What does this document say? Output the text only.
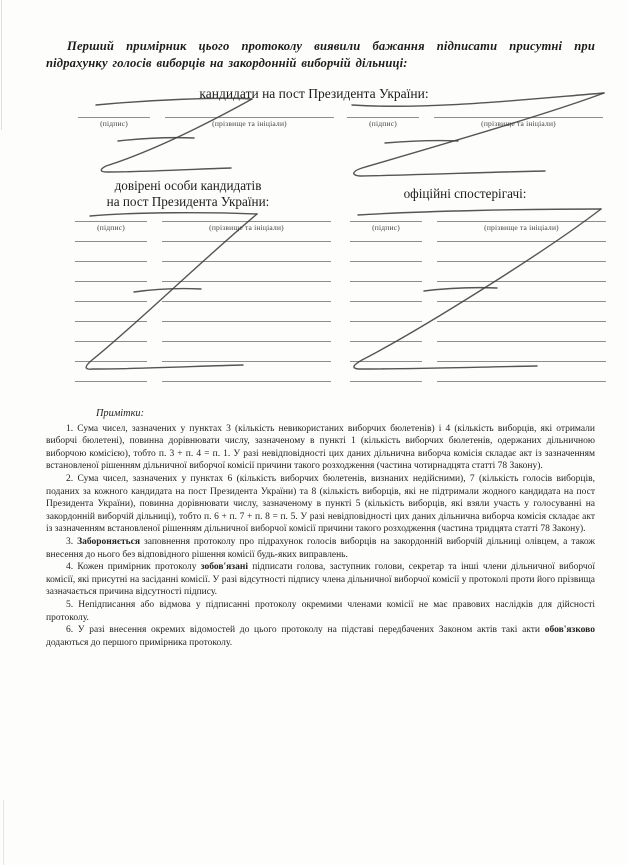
Перший примірник цього протоколу виявили бажання підписати присутні при підрахунку голосів виборців на закордонній виборчій дільниці:

кандидати на пост Президента України:
(підпис)	(прізвище та ініціали)	(підпис)	(прізвище та ініціали)
довірені особи кандидатів
на пост Президента України:	офіційні спостерігачі:
(підпис)	(прізвище та ініціали)	(підпис)	(прізвище та ініціали)

Примітки:

1. Сума чисел, зазначених у пунктах 3 (кількість невикористаних виборчих бюлетенів) і 4 (кількість виборців, які отримали виборчі бюлетені), повинна дорівнювати числу, зазначеному в пункті 1 (кількість виборчих бюлетенів, одержаних дільничною виборчою комісією), тобто п. 3 + п. 4 = п. 1. У разі невідповідності цих даних дільнична виборча комісія складає акт із зазначенням встановленої рішенням дільничної виборчої комісії причини такого розходження (частина чотирнадцята статті 78 Закону).

2. Сума чисел, зазначених у пунктах 6 (кількість виборчих бюлетенів, визнаних недійсними), 7 (кількість голосів виборців, поданих за кожного кандидата на пост Президента України) та 8 (кількість виборців, які не підтримали жодного кандидата на пост Президента України), повинна дорівнювати числу, зазначеному в пункті 5 (кількість виборців, які взяли участь у голосуванні на закордонній виборчій дільниці), тобто п. 6 + п. 7 + п. 8 = п. 5. У разі невідповідності цих даних дільнична виборча комісія складає акт із зазначенням встановленої рішенням дільничної виборчої комісії причини такого розходження (частина тридцята статті 78 Закону).

3. Забороняється заповнення протоколу про підрахунок голосів виборців на закордонній виборчій дільниці олівцем, а також внесення до нього без відповідного рішення комісії будь-яких виправлень.

4. Кожен примірник протоколу зобов'язані підписати голова, заступник голови, секретар та інші члени дільничної виборчої комісії, які присутні на засіданні комісії. У разі відсутності підпису члена дільничної виборчої комісії у протоколі проти його прізвища зазначається причина відсутності підпису.

5. Непідписання або відмова у підписанні протоколу окремими членами комісії не має правових наслідків для дійсності протоколу.

6. У разі внесення окремих відомостей до цього протоколу на підставі передбачених Законом актів такі акти обов'язково додаються до першого примірника протоколу.
